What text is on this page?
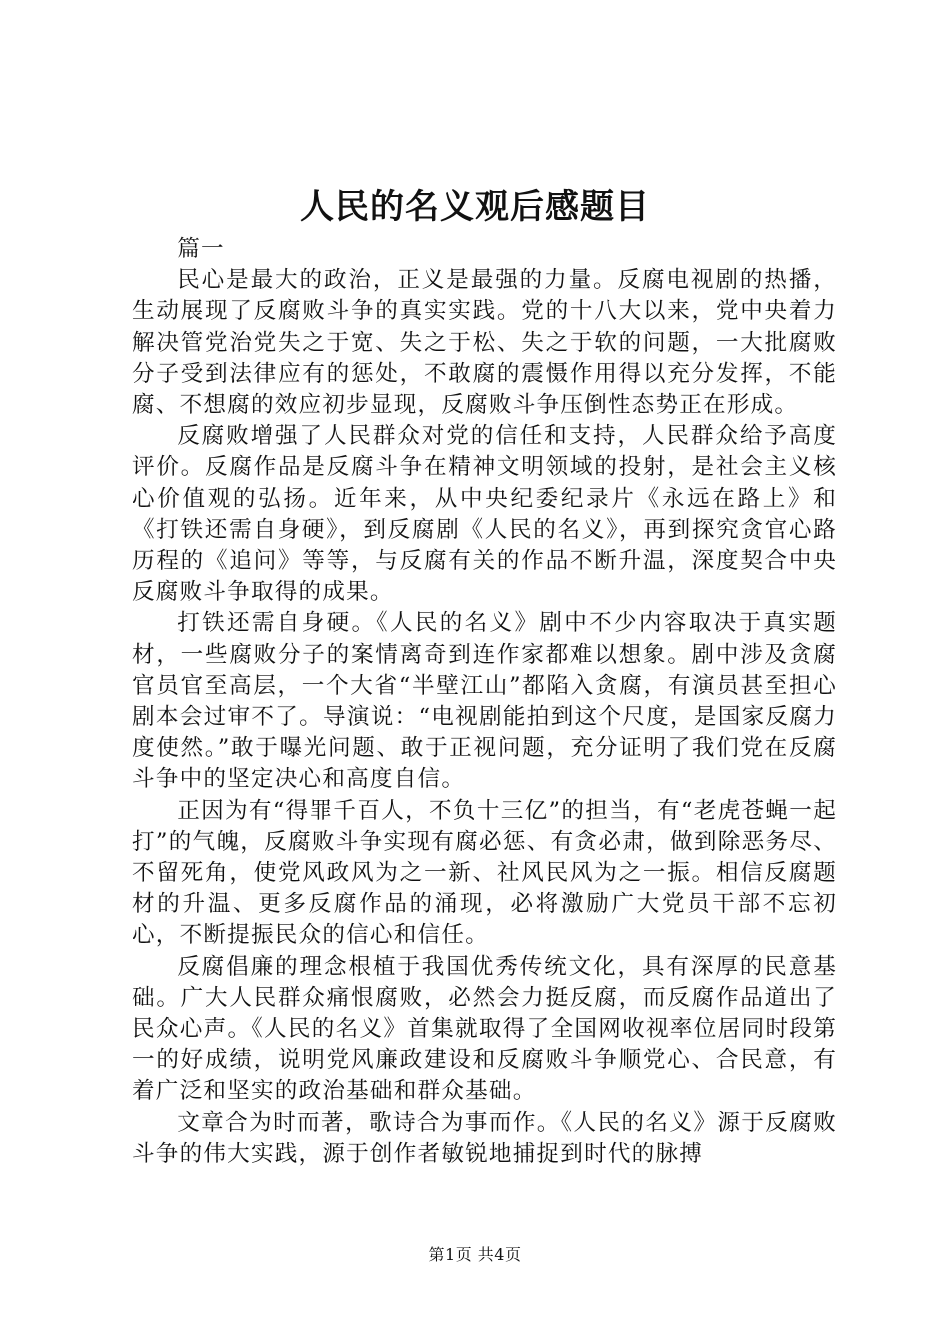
人民的名义观后感题目

篇一

民心是最大的政治，正义是最强的力量。反腐电视剧的热播，生动展现了反腐败斗争的真实实践。党的十八大以来，党中央着力解决管党治党失之于宽、失之于松、失之于软的问题，一大批腐败分子受到法律应有的惩处，不敢腐的震慑作用得以充分发挥，不能腐、不想腐的效应初步显现，反腐败斗争压倒性态势正在形成。

反腐败增强了人民群众对党的信任和支持，人民群众给予高度评价。反腐作品是反腐斗争在精神文明领域的投射，是社会主义核心价值观的弘扬。近年来，从中央纪委纪录片《永远在路上》和《打铁还需自身硬》，到反腐剧《人民的名义》，再到探究贪官心路历程的《追问》等等，与反腐有关的作品不断升温，深度契合中央反腐败斗争取得的成果。

打铁还需自身硬。《人民的名义》剧中不少内容取决于真实题材，一些腐败分子的案情离奇到连作家都难以想象。剧中涉及贪腐官员官至高层，一个大省“半壁江山”都陷入贪腐，有演员甚至担心剧本会过审不了。导演说：“电视剧能拍到这个尺度，是国家反腐力度使然。”敢于曝光问题、敢于正视问题，充分证明了我们党在反腐斗争中的坚定决心和高度自信。

正因为有“得罪千百人，不负十三亿”的担当，有“老虎苍蝇一起打”的气魄，反腐败斗争实现有腐必惩、有贪必肃，做到除恶务尽、不留死角，使党风政风为之一新、社风民风为之一振。相信反腐题材的升温、更多反腐作品的涌现，必将激励广大党员干部不忘初心，不断提振民众的信心和信任。

反腐倡廉的理念根植于我国优秀传统文化，具有深厚的民意基础。广大人民群众痛恨腐败，必然会力挺反腐，而反腐作品道出了民众心声。《人民的名义》首集就取得了全国网收视率位居同时段第一的好成绩，说明党风廉政建设和反腐败斗争顺党心、合民意，有着广泛和坚实的政治基础和群众基础。

文章合为时而著，歌诗合为事而作。《人民的名义》源于反腐败斗争的伟大实践，源于创作者敏锐地捕捉到时代的脉搏

第1页 共4页
